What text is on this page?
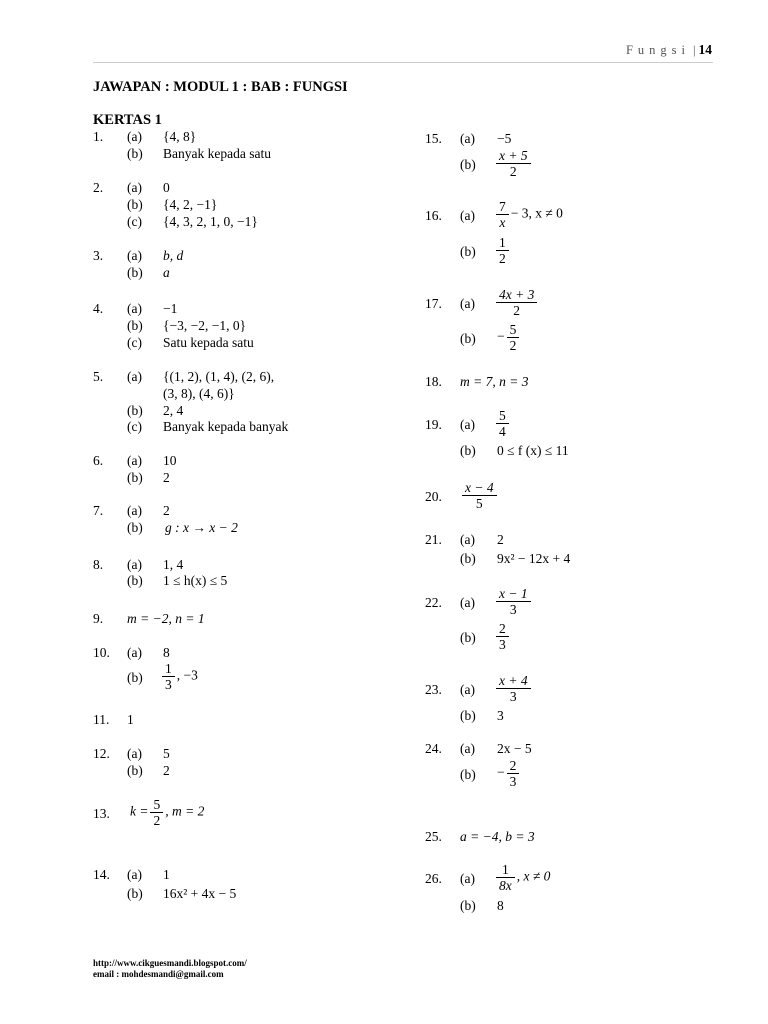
Fungsi | 14
JAWAPAN : MODUL 1 : BAB : FUNGSI
KERTAS 1
1. (a) {4, 8}
(b) Banyak kepada satu
2. (a) 0
(b) {4, 2, −1}
(c) {4, 3, 2, 1, 0, −1}
3. (a) b, d
(b) a
4. (a) −1
(b) {−3, −2, −1, 0}
(c) Satu kepada satu
5. (a) {(1, 2), (1, 4), (2, 6),
(3, 8), (4, 6)}
(b) 2, 4
(c) Banyak kepada banyak
6. (a) 10
(b) 2
7. (a) 2
(b) g : x → x − 2
8. (a) 1, 4
(b) 1 ≤ h(x) ≤ 5
9. m = −2, n = 1
10. (a) 8
$(b) \frac{1}{3}$ , −3
11. 1
12. (a) 5
(b) 2
13. $k = \frac{5}{2}$ , m = 2
14. (a) 1
(b) 16x² + 4x − 5
15. (a) −5
$(b) \frac{x + 5}{2}$
16. $(a) \frac{7}{x} - 3$, x ≠ 0
$(b) \frac{1}{2}$
17. $(a) \frac{4x + 3}{2}$
$(b) - \frac{5}{2}$
18. m = 7, n = 3
19. $(a) \frac{5}{4}$
(b) 0 ≤ f (x) ≤ 11
20. $\frac{x - 4}{5}$
21. (a) 2
(b) 9x² − 12x + 4
22. $(a) \frac{x - 1}{3}$
$(b) \frac{2}{3}$
23. $(a) \frac{x + 4}{3}$
(b) 3
24. (a) 2x − 5
$(b) - \frac{2}{3}$
25. a = −4, b = 3
26. $(a) \frac{1}{8x}$ , x ≠ 0
(b) 8
http://www.cikguesmandi.blogspot.com/
email : mohdesmandi@gmail.com
